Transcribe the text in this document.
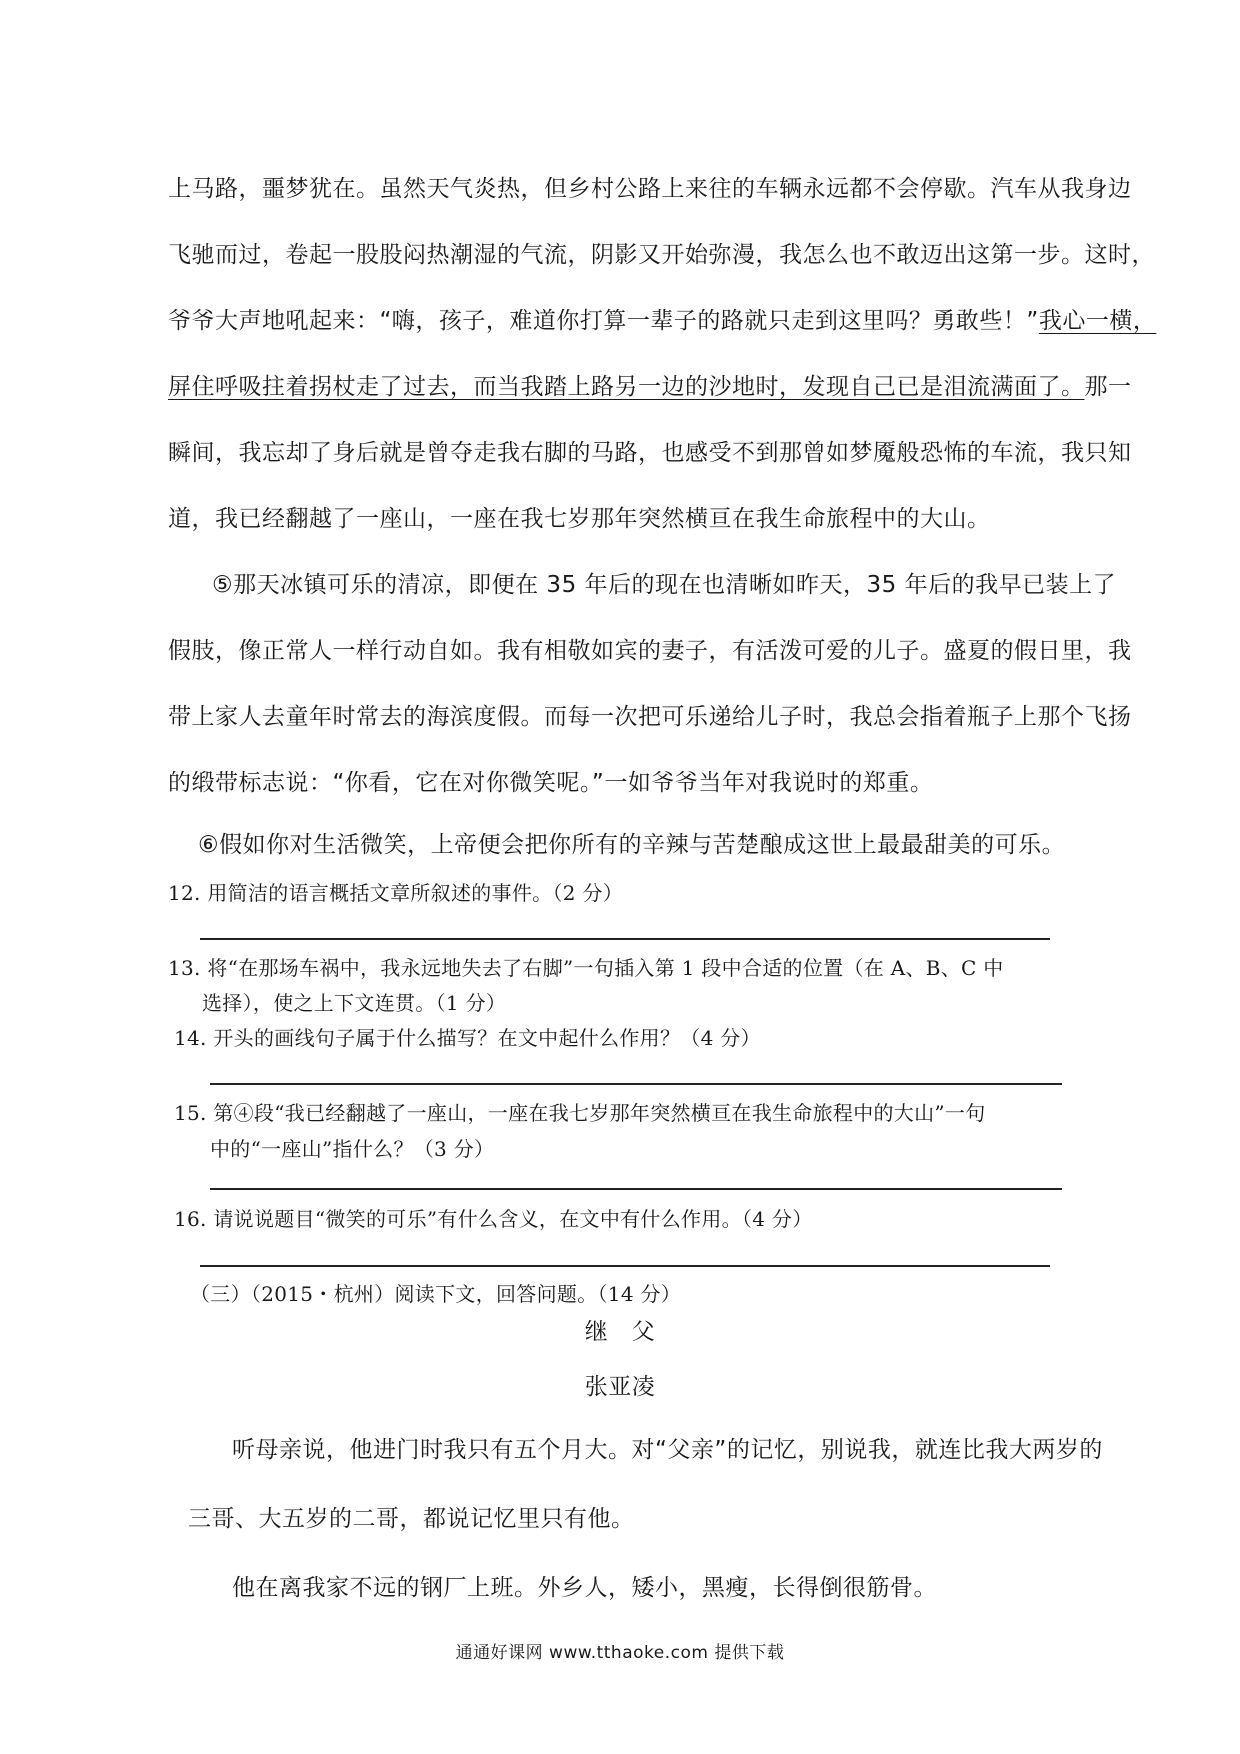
上马路，噩梦犹在。虽然天气炎热，但乡村公路上来往的车辆永远都不会停歇。汽车从我身边
飞驰而过，卷起一股股闷热潮湿的气流，阴影又开始弥漫，我怎么也不敢迈出这第一步。这时，
爷爷大声地吼起来：“嗨，孩子，难道你打算一辈子的路就只走到这里吗？勇敢些！”我心一横，
屏住呼吸拄着拐杖走了过去，而当我踏上路另一边的沙地时，发现自己已是泪流满面了。那一
瞬间，我忘却了身后就是曾夺走我右脚的马路，也感受不到那曾如梦魇般恐怖的车流，我只知
道，我已经翻越了一座山，一座在我七岁那年突然横亘在我生命旅程中的大山。
⑤那天冰镇可乐的清凉，即便在 35 年后的现在也清晰如昨天，35 年后的我早已装上了
假肢，像正常人一样行动自如。我有相敬如宾的妻子，有活泼可爱的儿子。盛夏的假日里，我
带上家人去童年时常去的海滨度假。而每一次把可乐递给儿子时，我总会指着瓶子上那个飞扬
的缎带标志说：“你看，它在对你微笑呢。”一如爷爷当年对我说时的郑重。
⑥假如你对生活微笑，上帝便会把你所有的辛辣与苦楚酿成这世上最最甜美的可乐。
12. 用简洁的语言概括文章所叙述的事件。（2 分）
13. 将“在那场车祸中，我永远地失去了右脚”一句插入第 1 段中合适的位置（在 A、B、C 中
选择），使之上下文连贯。（1 分）
14. 开头的画线句子属于什么描写？在文中起什么作用？（4 分）
15. 第④段“我已经翻越了一座山，一座在我七岁那年突然横亘在我生命旅程中的大山”一句
中的“一座山”指什么？（3 分）
16. 请说说题目“微笑的可乐”有什么含义，在文中有什么作用。（4 分）
（三）（2015・杭州）阅读下文，回答问题。（14 分）
继　父
张亚凌
听母亲说，他进门时我只有五个月大。对“父亲”的记忆，别说我，就连比我大两岁的
三哥、大五岁的二哥，都说记忆里只有他。
他在离我家不远的钢厂上班。外乡人，矮小，黑瘦，长得倒很筋骨。
通通好课网 www.tthaoke.com 提供下载
